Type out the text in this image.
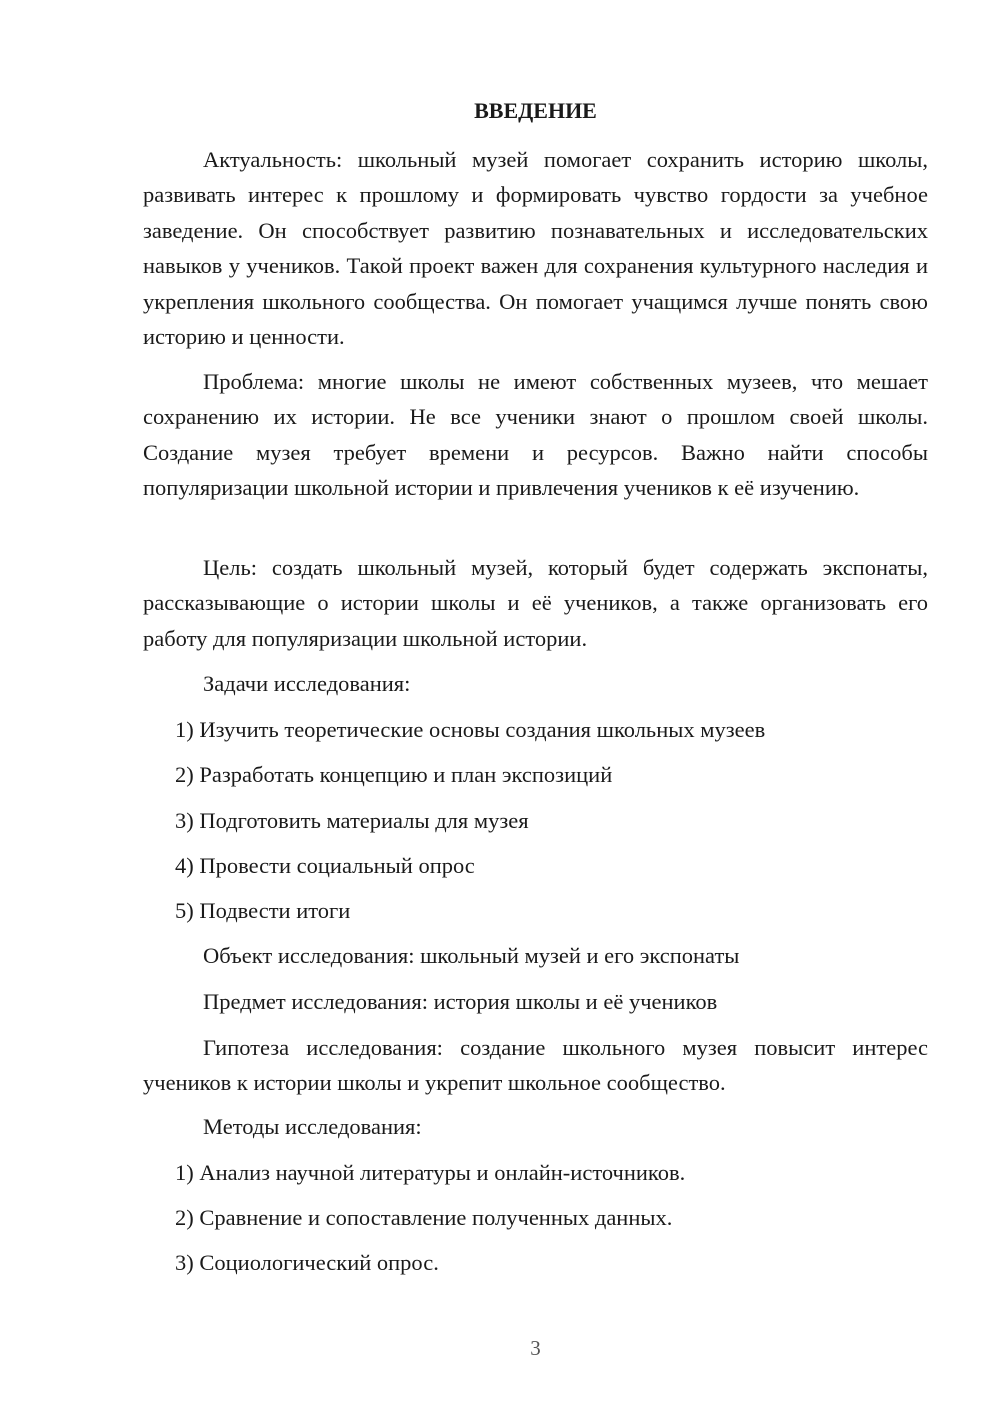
ВВЕДЕНИЕ

Актуальность: школьный музей помогает сохранить историю школы, развивать интерес к прошлому и формировать чувство гордости за учебное заведение. Он способствует развитию познавательных и исследовательских навыков у учеников. Такой проект важен для сохранения культурного наследия и укрепления школьного сообщества. Он помогает учащимся лучше понять свою историю и ценности.

Проблема: многие школы не имеют собственных музеев, что мешает сохранению их истории. Не все ученики знают о прошлом своей школы. Создание музея требует времени и ресурсов. Важно найти способы популяризации школьной истории и привлечения учеников к её изучению.

Цель: создать школьный музей, который будет содержать экспонаты, рассказывающие о истории школы и её учеников, а также организовать его работу для популяризации школьной истории.

Задачи исследования:
1) Изучить теоретические основы создания школьных музеев
2) Разработать концепцию и план экспозиций
3) Подготовить материалы для музея
4) Провести социальный опрос
5) Подвести итоги
Объект исследования: школьный музей и его экспонаты
Предмет исследования: история школы и её учеников

Гипотеза исследования: создание школьного музея повысит интерес учеников к истории школы и укрепит школьное сообщество.

Методы исследования:
1) Анализ научной литературы и онлайн-источников.
2) Сравнение и сопоставление полученных данных.
3) Социологический опрос.
3
